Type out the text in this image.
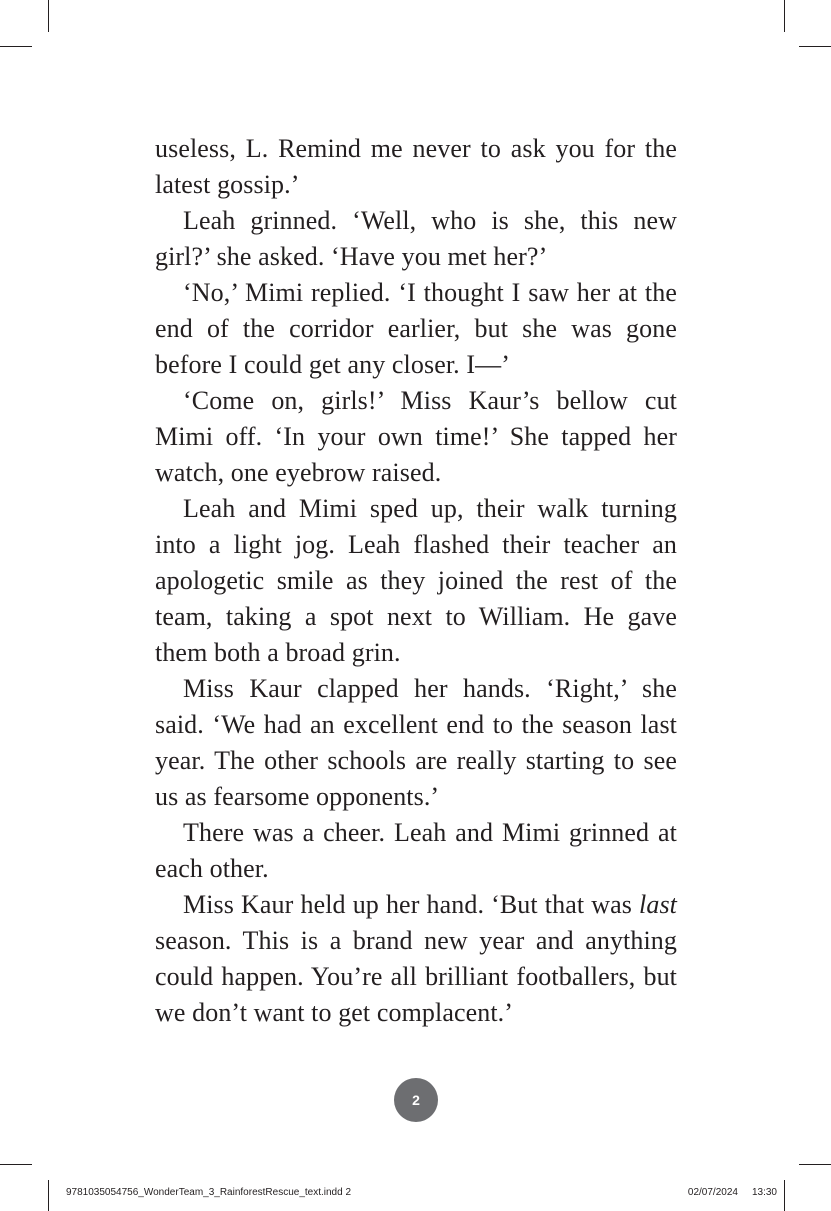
useless, L. Remind me never to ask you for the latest gossip.’

Leah grinned. ‘Well, who is she, this new girl?’ she asked. ‘Have you met her?’

‘No,’ Mimi replied. ‘I thought I saw her at the end of the corridor earlier, but she was gone before I could get any closer. I—’

‘Come on, girls!’ Miss Kaur’s bellow cut Mimi off. ‘In your own time!’ She tapped her watch, one eyebrow raised.

Leah and Mimi sped up, their walk turning into a light jog. Leah flashed their teacher an apologetic smile as they joined the rest of the team, taking a spot next to William. He gave them both a broad grin.

Miss Kaur clapped her hands. ‘Right,’ she said. ‘We had an excellent end to the season last year. The other schools are really starting to see us as fearsome opponents.’

There was a cheer. Leah and Mimi grinned at each other.

Miss Kaur held up her hand. ‘But that was last season. This is a brand new year and anything could happen. You’re all brilliant footballers, but we don’t want to get complacent.’

2
9781035054756_WonderTeam_3_RainforestRescue_text.indd 2	02/07/2024 13:30
